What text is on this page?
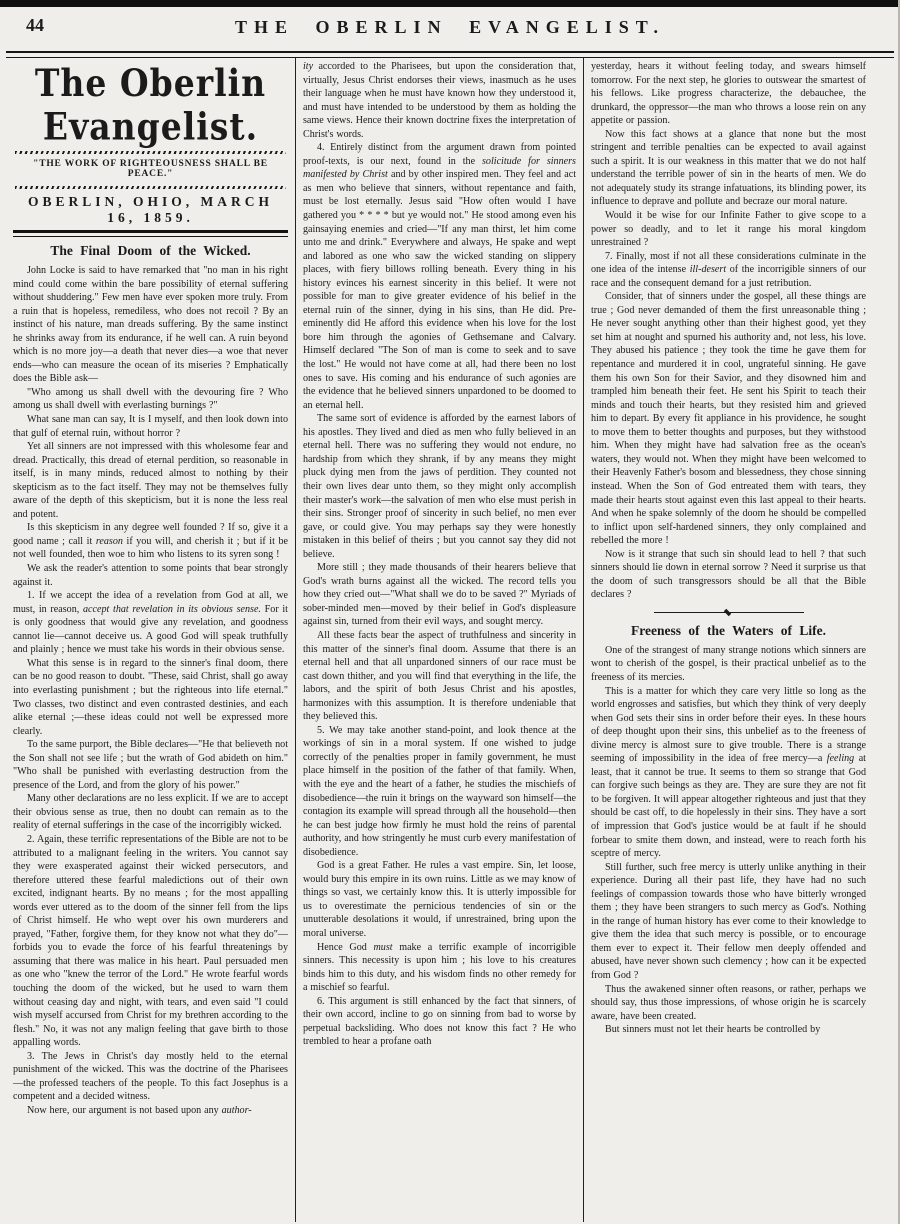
44	THE OBERLIN EVANGELIST.
The Oberlin Evangelist.
"THE WORK OF RIGHTEOUSNESS SHALL BE PEACE."
OBERLIN, OHIO, MARCH 16, 1859.
The Final Doom of the Wicked.

John Locke is said to have remarked that "no man in his right mind could come within the bare possibility of eternal suffering without shuddering." Few men have ever spoken more truly. From a ruin that is hopeless, remediless, who does not recoil ? By an instinct of his nature, man dreads suffering. By the same instinct he shrinks away from its endurance, if he well can. A ruin beyond which is no more joy—a death that never dies—a woe that never ends—who can measure the ocean of its miseries ? Emphatically does the Bible ask—

"Who among us shall dwell with the devouring fire ? Who among us shall dwell with everlasting burnings ?"

What sane man can say, It is I myself, and then look down into that gulf of eternal ruin, without horror ?

Yet all sinners are not impressed with this wholesome fear and dread. Practically, this dread of eternal perdition, so reasonable in itself, is in many minds, reduced almost to nothing by their skepticism as to the fact itself. They may not be themselves fully aware of the depth of this skepticism, but it is none the less real and potent.

Is this skepticism in any degree well founded ? If so, give it a good name ; call it reason if you will, and cherish it ; but if it be not well founded, then woe to him who listens to its syren song !

We ask the reader's attention to some points that bear strongly against it.

1. If we accept the idea of a revelation from God at all, we must, in reason, accept that revelation in its obvious sense. For it is only goodness that would give any revelation, and goodness cannot lie—cannot deceive us. A good God will speak truthfully and plainly ; hence we must take his words in their obvious sense.

What this sense is in regard to the sinner's final doom, there can be no good reason to doubt. "These, said Christ, shall go away into everlasting punishment ; but the righteous into life eternal." Two classes, two distinct and even contrasted destinies, and each alike eternal ;—these ideas could not well be expressed more clearly.

To the same purport, the Bible declares—"He that believeth not the Son shall not see life ; but the wrath of God abideth on him." "Who shall be punished with everlasting destruction from the presence of the Lord, and from the glory of his power."

Many other declarations are no less explicit. If we are to accept their obvious sense as true, then no doubt can remain as to the reality of eternal sufferings in the case of the incorrigibly wicked.

2. Again, these terrific representations of the Bible are not to be attributed to a malignant feeling in the writers. You cannot say they were exasperated against their wicked persecutors, and therefore uttered these fearful maledictions out of their own excited, indignant hearts. By no means ; for the most appalling words ever uttered as to the doom of the sinner fell from the lips of Christ himself. He who wept over his own murderers and prayed, "Father, forgive them, for they know not what they do"—forbids you to evade the force of his fearful threatenings by assuming that there was malice in his heart. Paul persuaded men as one who "knew the terror of the Lord." He wrote fearful words touching the doom of the wicked, but he used to warn them without ceasing day and night, with tears, and even said "I could wish myself accursed from Christ for my brethren according to the flesh." No, it was not any malign feeling that gave birth to those appalling words.

3. The Jews in Christ's day mostly held to the eternal punishment of the wicked. This was the doctrine of the Pharisees—the professed teachers of the people. To this fact Josephus is a competent and a decided witness.

Now here, our argument is not based upon any author-

ity accorded to the Pharisees, but upon the consideration that, virtually, Jesus Christ endorses their views, inasmuch as he uses their language when he must have known how they understood it, and must have intended to be understood by them as holding the same views. Hence their known doctrine fixes the interpretation of Christ's words.

4. Entirely distinct from the argument drawn from pointed proof-texts, is our next, found in the solicitude for sinners manifested by Christ and by other inspired men. They feel and act as men who believe that sinners, without repentance and faith, must be lost eternally. Jesus said "How often would I have gathered you * * * * but ye would not." He stood among even his gainsaying enemies and cried—"If any man thirst, let him come unto me and drink." Everywhere and always, He spake and wept and labored as one who saw the wicked standing on slippery places, with fiery billows rolling beneath. Every thing in his history evinces his earnest sincerity in this belief. It were not possible for man to give greater evidence of his belief in the eternal ruin of the sinner, dying in his sins, than He did. Pre-eminently did He afford this evidence when his love for the lost bore him through the agonies of Gethsemane and Calvary. Himself declared "The Son of man is come to seek and to save the lost." He would not have come at all, had there been no lost ones to save. His coming and his endurance of such agonies are the evidence that he believed sinners unpardoned to be doomed to an eternal hell.

The same sort of evidence is afforded by the earnest labors of his apostles. They lived and died as men who fully believed in an eternal hell. There was no suffering they would not endure, no hardship from which they shrank, if by any means they might pluck dying men from the jaws of perdition. They counted not their own lives dear unto them, so they might only accomplish their master's work—the salvation of men who else must perish in their sins. Stronger proof of sincerity in such belief, no men ever gave, or could give. You may perhaps say they were honestly mistaken in this belief of theirs ; but you cannot say they did not believe.

More still ; they made thousands of their hearers believe that God's wrath burns against all the wicked. The record tells you how they cried out—"What shall we do to be saved ?" Myriads of sober-minded men—moved by their belief in God's displeasure against sin, turned from their evil ways, and sought mercy.

All these facts bear the aspect of truthfulness and sincerity in this matter of the sinner's final doom. Assume that there is an eternal hell and that all unpardoned sinners of our race must be cast down thither, and you will find that everything in the life, the labors, and the spirit of both Jesus Christ and his apostles, harmonizes with this assumption. It is therefore undeniable that they believed this.

5. We may take another stand-point, and look thence at the workings of sin in a moral system. If one wished to judge correctly of the penalties proper in family government, he must place himself in the position of the father of that family. When, with the eye and the heart of a father, he studies the mischiefs of disobedience—the ruin it brings on the wayward son himself—the contagion its example will spread through all the household—then he can best judge how firmly he must hold the reins of parental authority, and how stringently he must curb every manifestation of disobedience.

God is a great Father. He rules a vast empire. Sin, let loose, would bury this empire in its own ruins. Little as we may know of things so vast, we certainly know this. It is utterly impossible for us to overestimate the pernicious tendencies of sin or the unutterable desolations it would, if unrestrained, bring upon the moral universe.

Hence God must make a terrific example of incorrigible sinners. This necessity is upon him ; his love to his creatures binds him to this duty, and his wisdom finds no other remedy for a mischief so fearful.

6. This argument is still enhanced by the fact that sinners, of their own accord, incline to go on sinning from bad to worse by perpetual backsliding. Who does not know this fact ? He who trembled to hear a profane oath

yesterday, hears it without feeling today, and swears himself tomorrow. For the next step, he glories to outswear the smartest of his fellows. Like progress characterize, the debauchee, the drunkard, the oppressor—the man who throws a loose rein on any appetite or passion.

Now this fact shows at a glance that none but the most stringent and terrible penalties can be expected to avail against such a spirit. It is our weakness in this matter that we do not half understand the terrible power of sin in the hearts of men. We do not adequately study its strange infatuations, its blinding power, its influence to deprave and pollute and becraze our moral nature.

Would it be wise for our Infinite Father to give scope to a power so deadly, and to let it range his moral kingdom unrestrained ?

7. Finally, most if not all these considerations culminate in the one idea of the intense ill-desert of the incorrigible sinners of our race and the consequent demand for a just retribution.

Consider, that of sinners under the gospel, all these things are true ; God never demanded of them the first unreasonable thing ; He never sought anything other than their highest good, yet they set him at nought and spurned his authority and, not less, his love. They abused his patience ; they took the time he gave them for repentance and murdered it in cool, ungrateful sinning. He gave them his own Son for their Savior, and they disowned him and trampled him beneath their feet. He sent his Spirit to teach their minds and touch their hearts, but they resisted him and grieved him to depart. By every fit appliance in his providence, he sought to move them to better thoughts and purposes, but they withstood him. When they might have had salvation free as the ocean's waters, they would not. When they might have been welcomed to their Heavenly Father's bosom and blessedness, they chose sinning instead. When the Son of God entreated them with tears, they made their hearts stout against even this last appeal to their hearts. And when he spake solemnly of the doom he should be compelled to inflict upon self-hardened sinners, they only complained and rebelled the more !

Now is it strange that such sin should lead to hell ? that such sinners should lie down in eternal sorrow ? Need it surprise us that the doom of such transgressors should be all that the Bible declares ?

Freeness of the Waters of Life.

One of the strangest of many strange notions which sinners are wont to cherish of the gospel, is their practical unbelief as to the freeness of its mercies.

This is a matter for which they care very little so long as the world engrosses and satisfies, but which they think of very deeply when God sets their sins in order before their eyes. In these hours of deep thought upon their sins, this unbelief as to the freeness of divine mercy is almost sure to give trouble. There is a strange seeming of impossibility in the idea of free mercy—a feeling at least, that it cannot be true. It seems to them so strange that God can forgive such beings as they are. They are sure they are not fit to be forgiven. It will appear altogether righteous and just that they should be cast off, to die hopelessly in their sins. They have a sort of impression that God's justice would be at fault if he should forbear to smite them down, and instead, were to reach forth his sceptre of mercy.

Still further, such free mercy is utterly unlike anything in their experience. During all their past life, they have had no such feelings of compassion towards those who have bitterly wronged them ; they have been strangers to such mercy as God's. Nothing in the range of human history has ever come to their knowledge to give them the idea that such mercy is possible, or to encourage them ever to expect it. Their fellow men deeply offended and abused, have never shown such clemency ; how can it be expected from God ?

Thus the awakened sinner often reasons, or rather, perhaps we should say, thus those impressions, of whose origin he is scarcely aware, have been created.

But sinners must not let their hearts be controlled by
